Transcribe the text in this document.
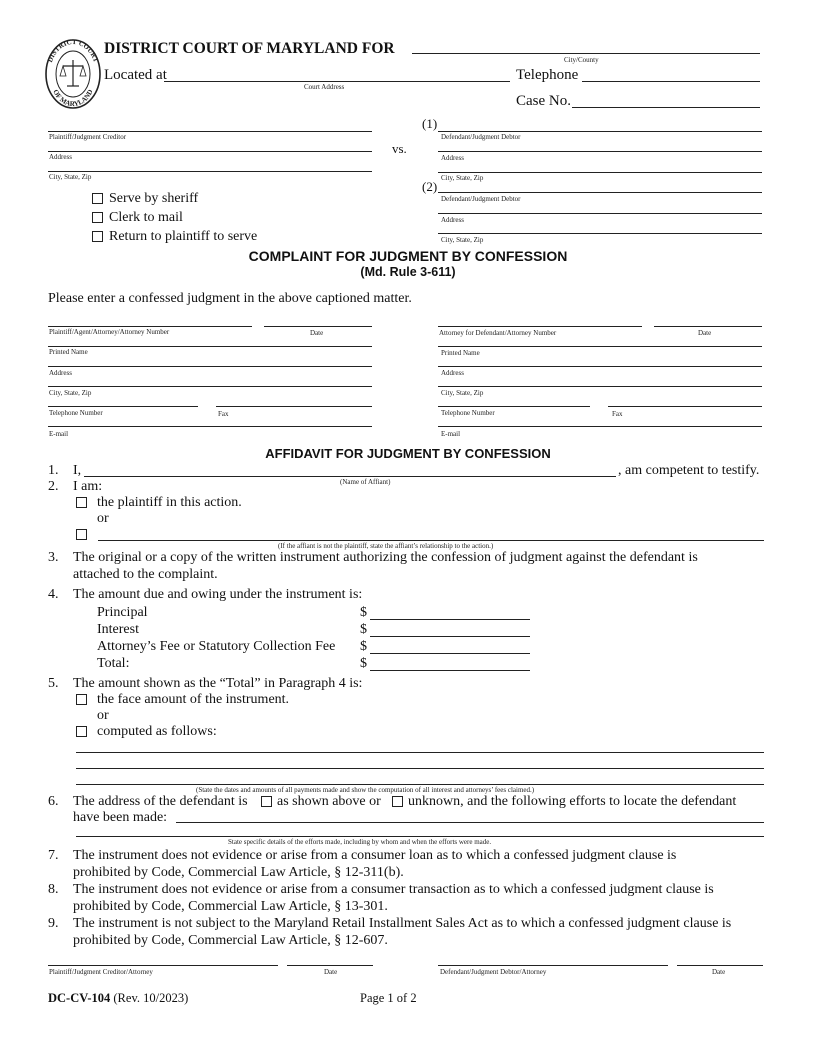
DISTRICT COURT
OF MARYLAND
DISTRICT COURT OF MARYLAND FOR
City/County
Located at
Court Address
Telephone
Case No.
Plaintiff/Judgment Creditor
Address
City, State, Zip
vs.
(1)
(2)
Defendant/Judgment Debtor
Address
City, State, Zip
Defendant/Judgment Debtor
Address
City, State, Zip
Serve by sheriff
Clerk to mail
Return to plaintiff to serve
COMPLAINT FOR JUDGMENT BY CONFESSION
(Md. Rule 3-611)
Please enter a confessed judgment in the above captioned matter.
Plaintiff/Agent/Attorney/Attorney Number	Date
Printed Name
Address
City, State, Zip
Telephone Number	Fax
E-mail
Attorney for Defendant/Attorney Number	Date
Printed Name
Address
City, State, Zip
Telephone Number	Fax
E-mail
AFFIDAVIT FOR JUDGMENT BY CONFESSION
1. I,
(Name of Affiant)
, am competent to testify.
2. I am:
the plaintiff in this action.
or
(If the affiant is not the plaintiff, state the affiant’s relationship to the action.)
3. The original or a copy of the written instrument authorizing the confession of judgment against the defendant is
attached to the complaint.
4. The amount due and owing under the instrument is:
Principal	$
Interest	$
Attorney’s Fee or Statutory Collection Fee $
Total:	$
5. The amount shown as the “Total” in Paragraph 4 is:
the face amount of the instrument.
or
computed as follows:
(State the dates and amounts of all payments made and show the computation of all interest and attorneys’ fees claimed.)
6. The address of the defendant is as shown above or unknown, and the following efforts to locate the defendant
have been made:
State specific details of the efforts made, including by whom and when the efforts were made.
7. The instrument does not evidence or arise from a consumer loan as to which a confessed judgment clause is
prohibited by Code, Commercial Law Article, § 12-311(b).
8. The instrument does not evidence or arise from a consumer transaction as to which a confessed judgment clause is
prohibited by Code, Commercial Law Article, § 13-301.
9. The instrument is not subject to the Maryland Retail Installment Sales Act as to which a confessed judgment clause is
prohibited by Code, Commercial Law Article, § 12-607.
Plaintiff/Judgment Creditor/Attorney	Date	Defendant/Judgment Debtor/Attorney	Date
DC-CV-104 (Rev. 10/2023)	Page 1 of 2
